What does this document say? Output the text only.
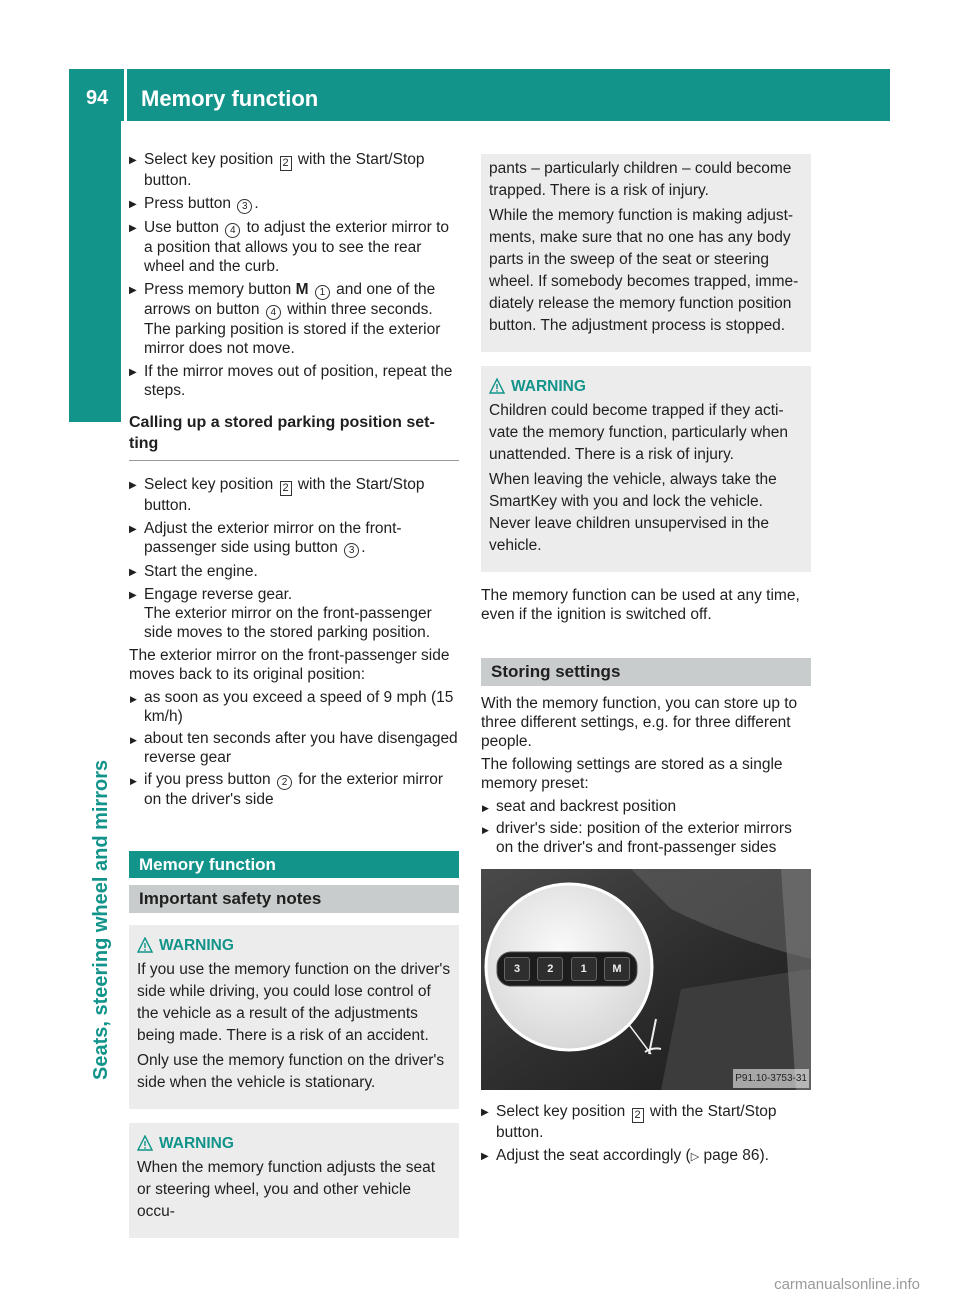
94 Memory function
Seats, steering wheel and mirrors
▶ Select key position 2 with the Start/Stop button.
▶ Press button 3 .
▶ Use button 4 to adjust the exterior mirror to a position that allows you to see the rear wheel and the curb.
▶ Press memory button M 1 and one of the arrows on button 4 within three seconds. The parking position is stored if the exterior mirror does not move.
▶ If the mirror moves out of position, repeat the steps.
Calling up a stored parking position set-ting
▶ Select key position 2 with the Start/Stop button.
▶ Adjust the exterior mirror on the front-passenger side using button 3 .
▶ Start the engine.
▶ Engage reverse gear.
The exterior mirror on the front-passenger side moves to the stored parking position.
The exterior mirror on the front-passenger side moves back to its original position:
▶ as soon as you exceed a speed of 9 mph (15 km/h)
▶ about ten seconds after you have disengaged reverse gear
▶ if you press button 2 for the exterior mirror on the driver's side
Memory function
Important safety notes
WARNING
If you use the memory function on the driver's side while driving, you could lose control of the vehicle as a result of the adjustments being made. There is a risk of an accident.
Only use the memory function on the driver's side when the vehicle is stationary.
WARNING
When the memory function adjusts the seat or steering wheel, you and other vehicle occu-
pants – particularly children – could become trapped. There is a risk of injury.
While the memory function is making adjust-ments, make sure that no one has any body parts in the sweep of the seat or steering wheel. If somebody becomes trapped, imme-diately release the memory function position button. The adjustment process is stopped.
WARNING
Children could become trapped if they acti-vate the memory function, particularly when unattended. There is a risk of injury.
When leaving the vehicle, always take the SmartKey with you and lock the vehicle. Never leave children unsupervised in the vehicle.
The memory function can be used at any time, even if the ignition is switched off.
Storing settings
With the memory function, you can store up to three different settings, e.g. for three different people.
The following settings are stored as a single memory preset:
▶ seat and backrest position
▶ driver's side: position of the exterior mirrors on the driver's and front-passenger sides
3	2	1	M
P91.10-3753-31
▶ Select key position 2 with the Start/Stop button.
▶ Adjust the seat accordingly (▷ page 86).
carmanualsonline.info
